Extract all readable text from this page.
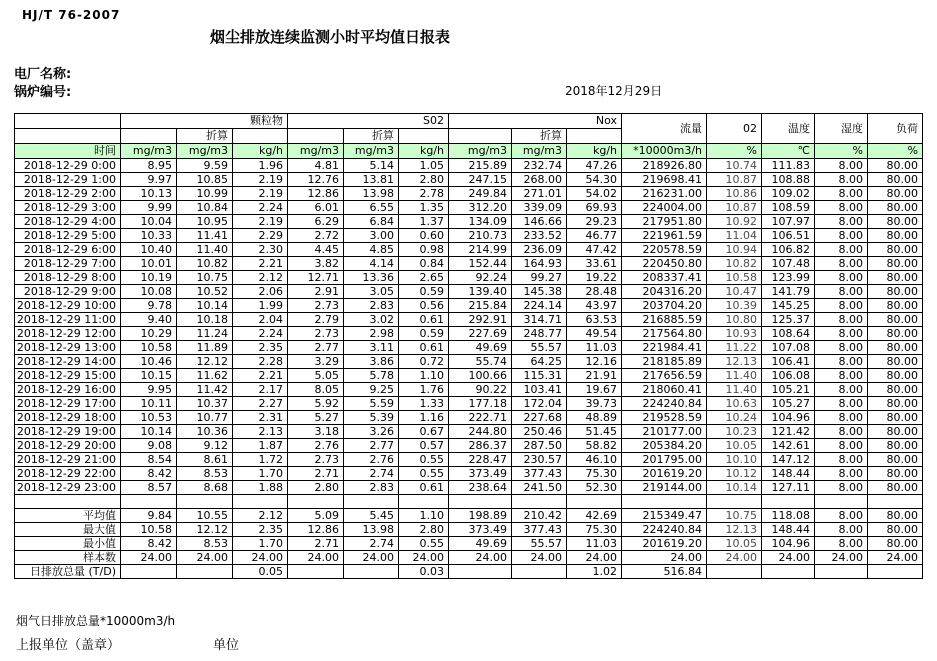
HJ/T 76-2007
烟尘排放连续监测小时平均值日报表
电厂名称:
锅炉编号:	2018年12月29日
	颗粒物			S02			Nox			流量	02	温度	湿度	负荷
		折算			折算			折算						
时间	mg/m3	mg/m3	kg/h	mg/m3	mg/m3	kg/h	mg/m3	mg/m3	kg/h	*10000m3/h	%	℃	%	%
2018-12-29 0:00	8.95	9.59	1.96	4.81	5.14	1.05	215.89	232.74	47.26	218926.80	10.74	111.83	8.00	80.00
2018-12-29 1:00	9.97	10.85	2.19	12.76	13.81	2.80	247.15	268.00	54.30	219698.41	10.87	108.88	8.00	80.00
2018-12-29 2:00	10.13	10.99	2.19	12.86	13.98	2.78	249.84	271.01	54.02	216231.00	10.86	109.02	8.00	80.00
2018-12-29 3:00	9.99	10.84	2.24	6.01	6.55	1.35	312.20	339.09	69.93	224004.00	10.87	108.59	8.00	80.00
2018-12-29 4:00	10.04	10.95	2.19	6.29	6.84	1.37	134.09	146.66	29.23	217951.80	10.92	107.97	8.00	80.00
2018-12-29 5:00	10.33	11.41	2.29	2.72	3.00	0.60	210.73	233.52	46.77	221961.59	11.04	106.51	8.00	80.00
2018-12-29 6:00	10.40	11.40	2.30	4.45	4.85	0.98	214.99	236.09	47.42	220578.59	10.94	106.82	8.00	80.00
2018-12-29 7:00	10.01	10.82	2.21	3.82	4.14	0.84	152.44	164.93	33.61	220450.80	10.82	107.48	8.00	80.00
2018-12-29 8:00	10.19	10.75	2.12	12.71	13.36	2.65	92.24	99.27	19.22	208337.41	10.58	123.99	8.00	80.00
2018-12-29 9:00	10.08	10.52	2.06	2.91	3.05	0.59	139.40	145.38	28.48	204316.20	10.47	141.79	8.00	80.00
2018-12-29 10:00	9.78	10.14	1.99	2.73	2.83	0.56	215.84	224.14	43.97	203704.20	10.39	145.25	8.00	80.00
2018-12-29 11:00	9.40	10.18	2.04	2.79	3.02	0.61	292.91	314.71	63.53	216885.59	10.80	125.37	8.00	80.00
2018-12-29 12:00	10.29	11.24	2.24	2.73	2.98	0.59	227.69	248.77	49.54	217564.80	10.93	108.64	8.00	80.00
2018-12-29 13:00	10.58	11.89	2.35	2.77	3.11	0.61	49.69	55.57	11.03	221984.41	11.22	107.08	8.00	80.00
2018-12-29 14:00	10.46	12.12	2.28	3.29	3.86	0.72	55.74	64.25	12.16	218185.89	12.13	106.41	8.00	80.00
2018-12-29 15:00	10.15	11.62	2.21	5.05	5.78	1.10	100.66	115.31	21.91	217656.59	11.40	106.08	8.00	80.00
2018-12-29 16:00	9.95	11.42	2.17	8.05	9.25	1.76	90.22	103.41	19.67	218060.41	11.40	105.21	8.00	80.00
2018-12-29 17:00	10.11	10.37	2.27	5.92	5.59	1.33	177.18	172.04	39.73	224240.84	10.63	105.27	8.00	80.00
2018-12-29 18:00	10.53	10.77	2.31	5.27	5.39	1.16	222.71	227.68	48.89	219528.59	10.24	104.96	8.00	80.00
2018-12-29 19:00	10.14	10.36	2.13	3.18	3.26	0.67	244.80	250.46	51.45	210177.00	10.23	121.42	8.00	80.00
2018-12-29 20:00	9.08	9.12	1.87	2.76	2.77	0.57	286.37	287.50	58.82	205384.20	10.05	142.61	8.00	80.00
2018-12-29 21:00	8.54	8.61	1.72	2.73	2.76	0.55	228.47	230.57	46.10	201795.00	10.10	147.12	8.00	80.00
2018-12-29 22:00	8.42	8.53	1.70	2.71	2.74	0.55	373.49	377.43	75.30	201619.20	10.12	148.44	8.00	80.00
2018-12-29 23:00	8.57	8.68	1.88	2.80	2.83	0.61	238.64	241.50	52.30	219144.00	10.14	127.11	8.00	80.00

平均值	9.84	10.55	2.12	5.09	5.45	1.10	198.89	210.42	42.69	215349.47	10.75	118.08	8.00	80.00
最大值	10.58	12.12	2.35	12.86	13.98	2.80	373.49	377.43	75.30	224240.84	12.13	148.44	8.00	80.00
最小值	8.42	8.53	1.70	2.71	2.74	0.55	49.69	55.57	11.03	201619.20	10.05	104.96	8.00	80.00
样本数	24.00	24.00	24.00	24.00	24.00	24.00	24.00	24.00	24.00	24.00	24.00	24.00	24.00	24.00
日排放总量 (T/D)			0.05			0.03			1.02	516.84				
烟气日排放总量*10000m3/h
上报单位（盖章）	单位
